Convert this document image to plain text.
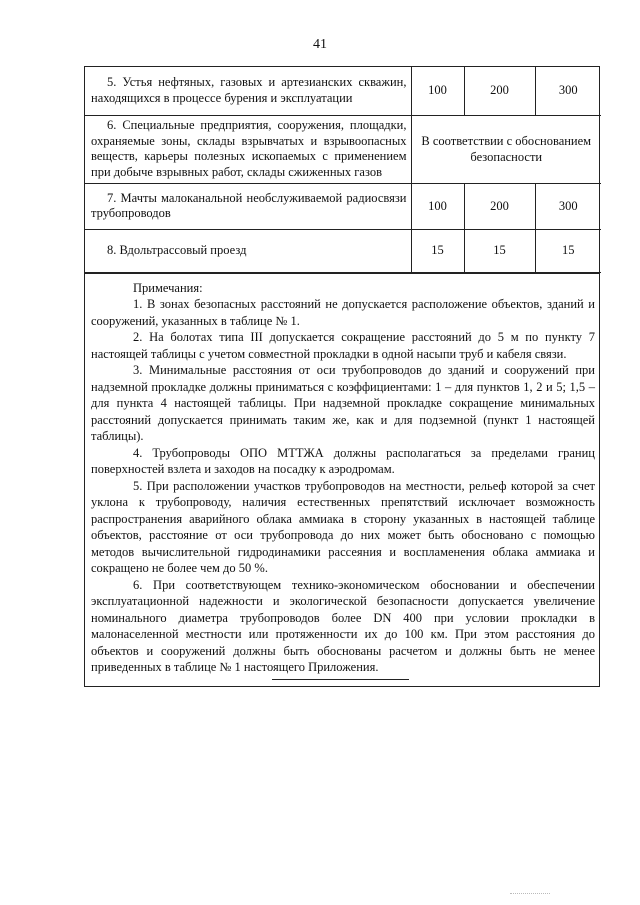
41
5. Устья нефтяных, газовых и артезианских скважин, находящихся в процессе бурения и эксплуатации	100	200	300

6. Специальные предприятия, сооружения, площадки, охраняемые зоны, склады взрывчатых и взрывоопасных веществ, карьеры полезных ископаемых с применением при добыче взрывных работ, склады сжиженных газов	В соответствии с обоснованием безопасности		

7. Мачты малоканальной необслуживаемой радиосвязи трубопроводов	100	200	300

8. Вдольтрассовый проезд	15	15	15

Примечания:

1. В зонах безопасных расстояний не допускается расположение объектов, зданий и сооружений, указанных в таблице № 1.

2. На болотах типа III допускается сокращение расстояний до 5 м по пункту 7 настоящей таблицы с учетом совместной прокладки в одной насыпи труб и кабеля связи.

3. Минимальные расстояния от оси трубопроводов до зданий и сооружений при надземной прокладке должны приниматься с коэффициентами: 1 – для пунктов 1, 2 и 5; 1,5 – для пункта 4 настоящей таблицы. При надземной прокладке сокращение минимальных расстояний допускается принимать таким же, как и для подземной (пункт 1 настоящей таблицы).

4. Трубопроводы ОПО МТТЖА должны располагаться за пределами границ поверхностей взлета и заходов на посадку к аэродромам.

5. При расположении участков трубопроводов на местности, рельеф которой за счет уклона к трубопроводу, наличия естественных препятствий исключает возможность распространения аварийного облака аммиака в сторону указанных в настоящей таблице объектов, расстояние от оси трубопровода до них может быть обосновано с помощью методов вычислительной гидродинамики рассеяния и воспламенения облака аммиака и сокращено не более чем до 50 %.

6. При соответствующем технико-экономическом обосновании и обеспечении эксплуатационной надежности и экологической безопасности допускается увеличение номинального диаметра трубопроводов более DN 400 при условии прокладки в малонаселенной местности или протяженности их до 100 км. При этом расстояния до объектов и сооружений должны быть обоснованы расчетом и должны быть не менее приведенных в таблице № 1 настоящего Приложения.
